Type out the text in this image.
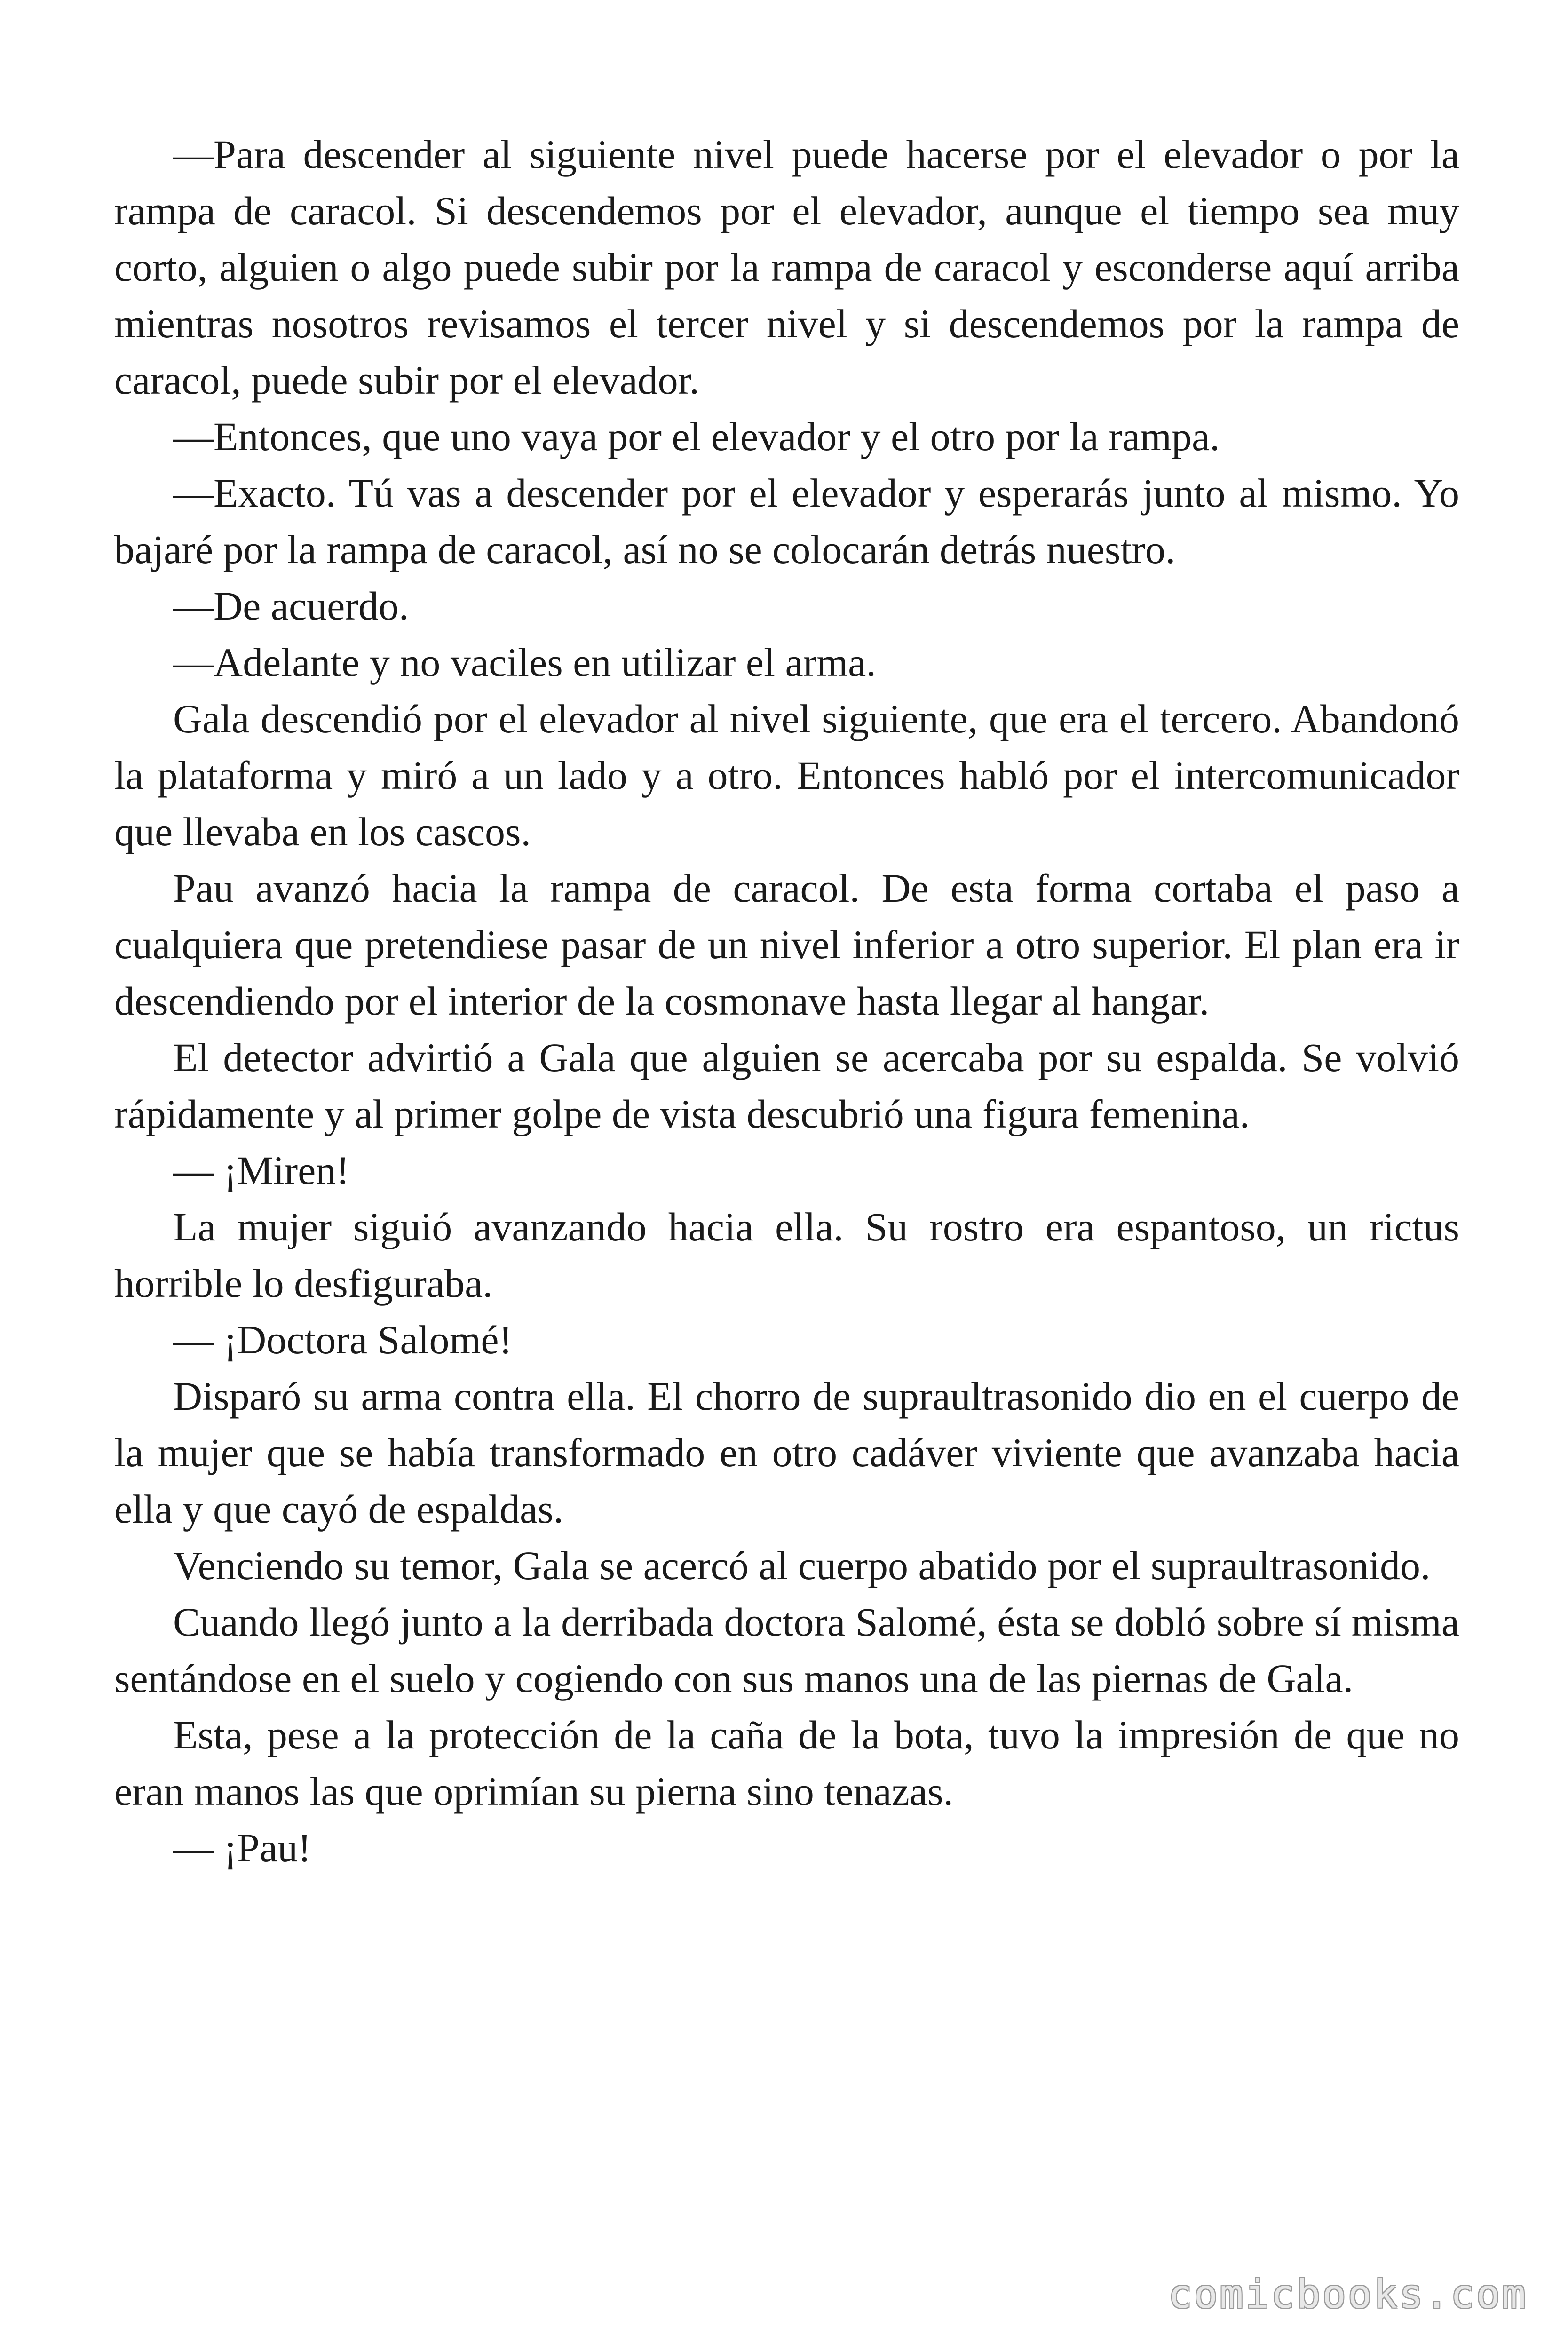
—Para descender al siguiente nivel puede hacerse por el elevador o por la rampa de caracol. Si descendemos por el elevador, aunque el tiempo sea muy corto, alguien o algo puede subir por la rampa de caracol y esconderse aquí arriba mientras nosotros revisamos el tercer nivel y si descendemos por la rampa de caracol, puede subir por el elevador.

—Entonces, que uno vaya por el elevador y el otro por la rampa.

—Exacto. Tú vas a descender por el elevador y esperarás junto al mismo. Yo bajaré por la rampa de caracol, así no se colocarán detrás nuestro.

—De acuerdo.

—Adelante y no vaciles en utilizar el arma.

Gala descendió por el elevador al nivel siguiente, que era el tercero. Abandonó la plataforma y miró a un lado y a otro. Entonces habló por el intercomunicador que llevaba en los cascos.

Pau avanzó hacia la rampa de caracol. De esta forma cortaba el paso a cualquiera que pretendiese pasar de un nivel inferior a otro superior. El plan era ir descendiendo por el interior de la cosmonave hasta llegar al hangar.

El detector advirtió a Gala que alguien se acercaba por su espalda. Se volvió rápidamente y al primer golpe de vista descubrió una figura femenina.

— ¡Miren!

La mujer siguió avanzando hacia ella. Su rostro era espantoso, un rictus horrible lo desfiguraba.

— ¡Doctora Salomé!

Disparó su arma contra ella. El chorro de supraultrasonido dio en el cuerpo de la mujer que se había transformado en otro cadáver viviente que avanzaba hacia ella y que cayó de espaldas.

Venciendo su temor, Gala se acercó al cuerpo abatido por el supraultrasonido.

Cuando llegó junto a la derribada doctora Salomé, ésta se dobló sobre sí misma sentándose en el suelo y cogiendo con sus manos una de las piernas de Gala.

Esta, pese a la protección de la caña de la bota, tuvo la impresión de que no eran manos las que oprimían su pierna sino tenazas.

— ¡Pau!

comicbooks.com
